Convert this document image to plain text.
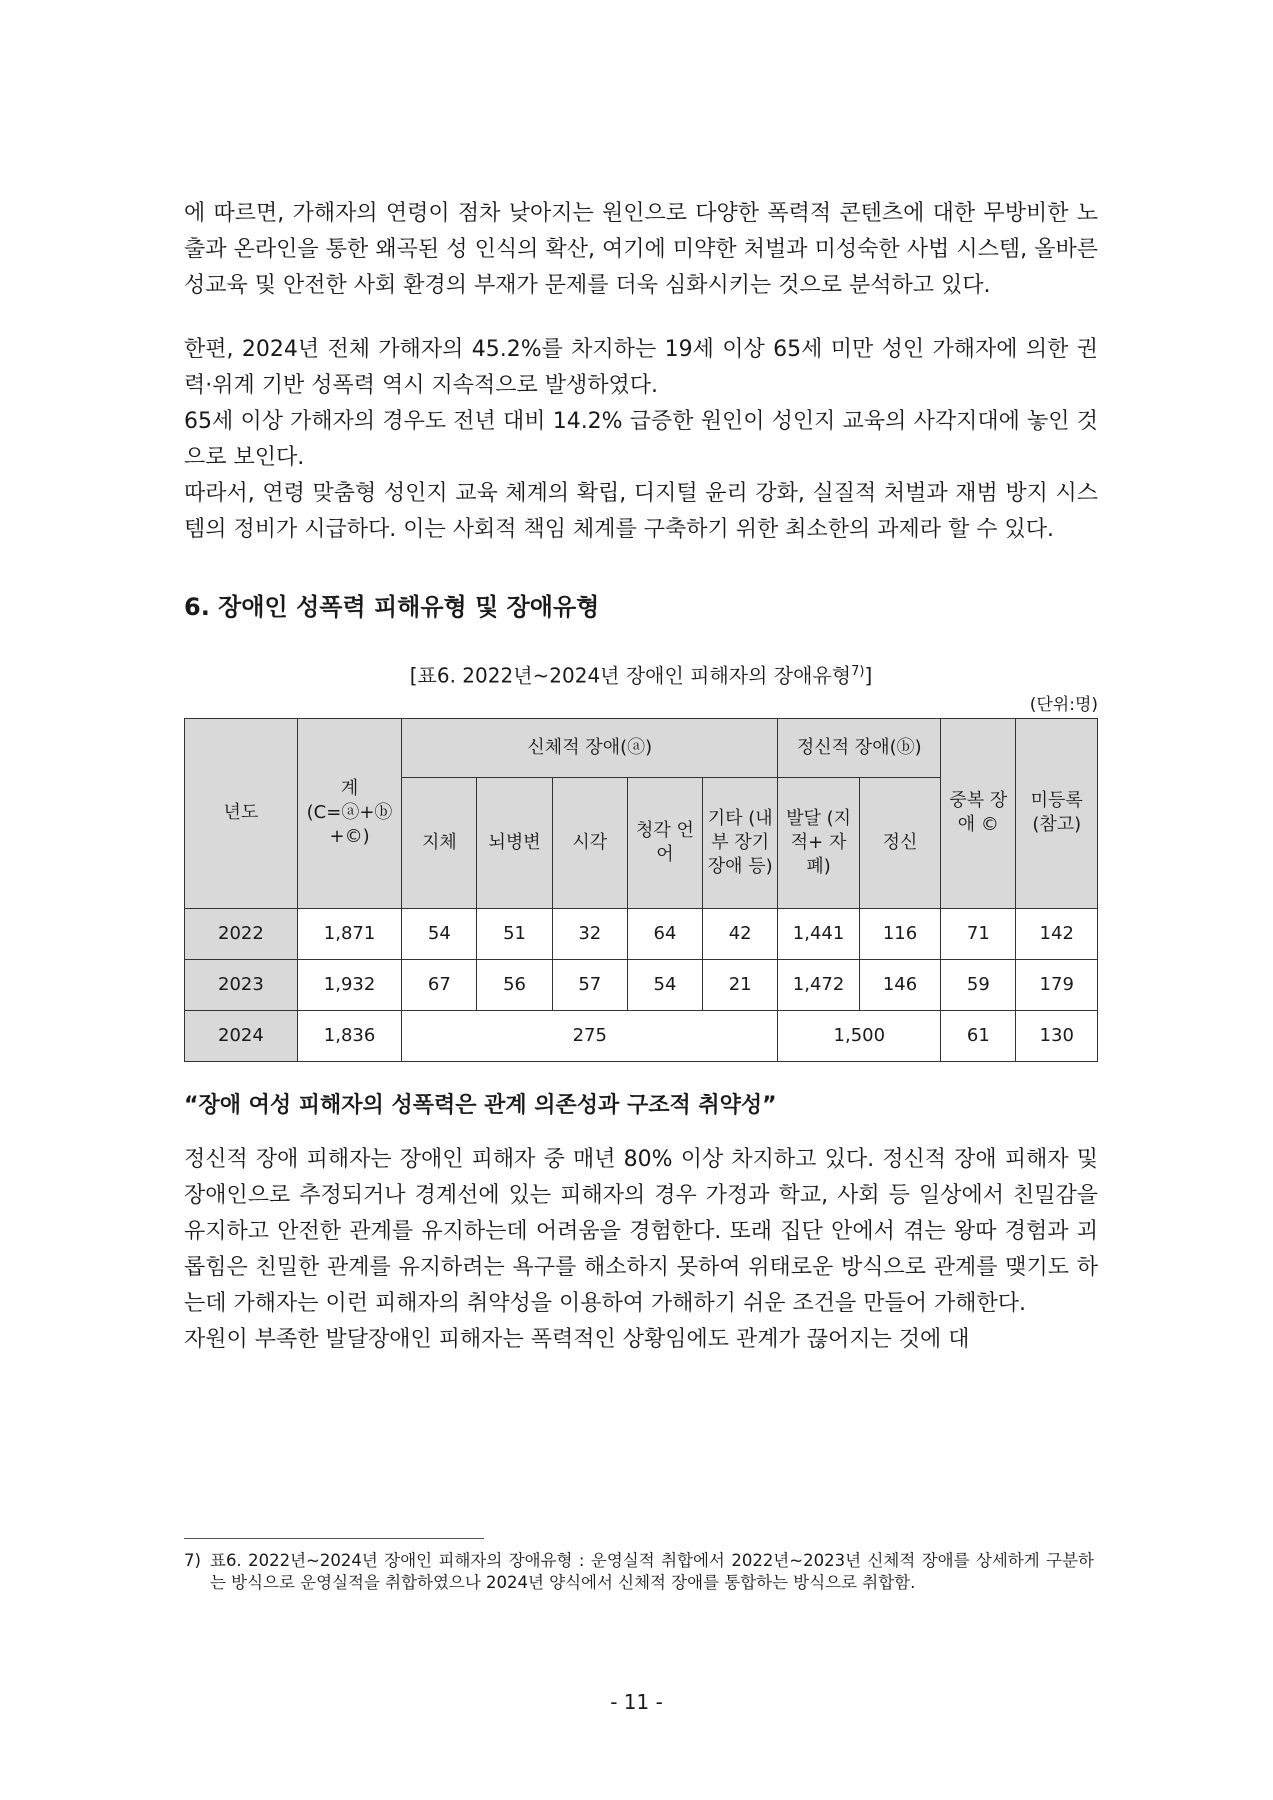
에 따르면, 가해자의 연령이 점차 낮아지는 원인으로 다양한 폭력적 콘텐츠에 대한 무방비한 노출과 온라인을 통한 왜곡된 성 인식의 확산, 여기에 미약한 처벌과 미성숙한 사법 시스템, 올바른 성교육 및 안전한 사회 환경의 부재가 문제를 더욱 심화시키는 것으로 분석하고 있다.

한편, 2024년 전체 가해자의 45.2%를 차지하는 19세 이상 65세 미만 성인 가해자에 의한 권력·위계 기반 성폭력 역시 지속적으로 발생하였다.

65세 이상 가해자의 경우도 전년 대비 14.2% 급증한 원인이 성인지 교육의 사각지대에 놓인 것으로 보인다.

따라서, 연령 맞춤형 성인지 교육 체계의 확립, 디지털 윤리 강화, 실질적 처벌과 재범 방지 시스템의 정비가 시급하다. 이는 사회적 책임 체계를 구축하기 위한 최소한의 과제라 할 수 있다.

6. 장애인 성폭력 피해유형 및 장애유형
[표6. 2022년~2024년 장애인 피해자의 장애유형$^{7)}$]
(단위:명)
년도	계 (C=ⓐ+ⓑ +©)	신체적 장애(ⓐ)					정신적 장애(ⓑ)		중복 장애 ©	미등록 (참고)
		지체	뇌병변	시각	청각 언어	기타 (내부 장기 장애 등)	발달 (지적+ 자폐)	정신		
2022	1,871	54	51	32	64	42	1,441	116	71	142
2023	1,932	67	56	57	54	21	1,472	146	59	179
2024	1,836	275					1,500		61	130
“장애 여성 피해자의 성폭력은 관계 의존성과 구조적 취약성”

정신적 장애 피해자는 장애인 피해자 중 매년 80% 이상 차지하고 있다. 정신적 장애 피해자 및 장애인으로 추정되거나 경계선에 있는 피해자의 경우 가정과 학교, 사회 등 일상에서 친밀감을 유지하고 안전한 관계를 유지하는데 어려움을 경험한다. 또래 집단 안에서 겪는 왕따 경험과 괴롭힘은 친밀한 관계를 유지하려는 욕구를 해소하지 못하여 위태로운 방식으로 관계를 맺기도 하는데 가해자는 이런 피해자의 취약성을 이용하여 가해하기 쉬운 조건을 만들어 가해한다.

자원이 부족한 발달장애인 피해자는 폭력적인 상황임에도 관계가 끊어지는 것에 대

7) 표6. 2022년~2024년 장애인 피해자의 장애유형 : 운영실적 취합에서 2022년~2023년 신체적 장애를 상세하게 구분하는 방식으로 운영실적을 취합하였으나 2024년 양식에서 신체적 장애를 통합하는 방식으로 취합함.
- 11 -
